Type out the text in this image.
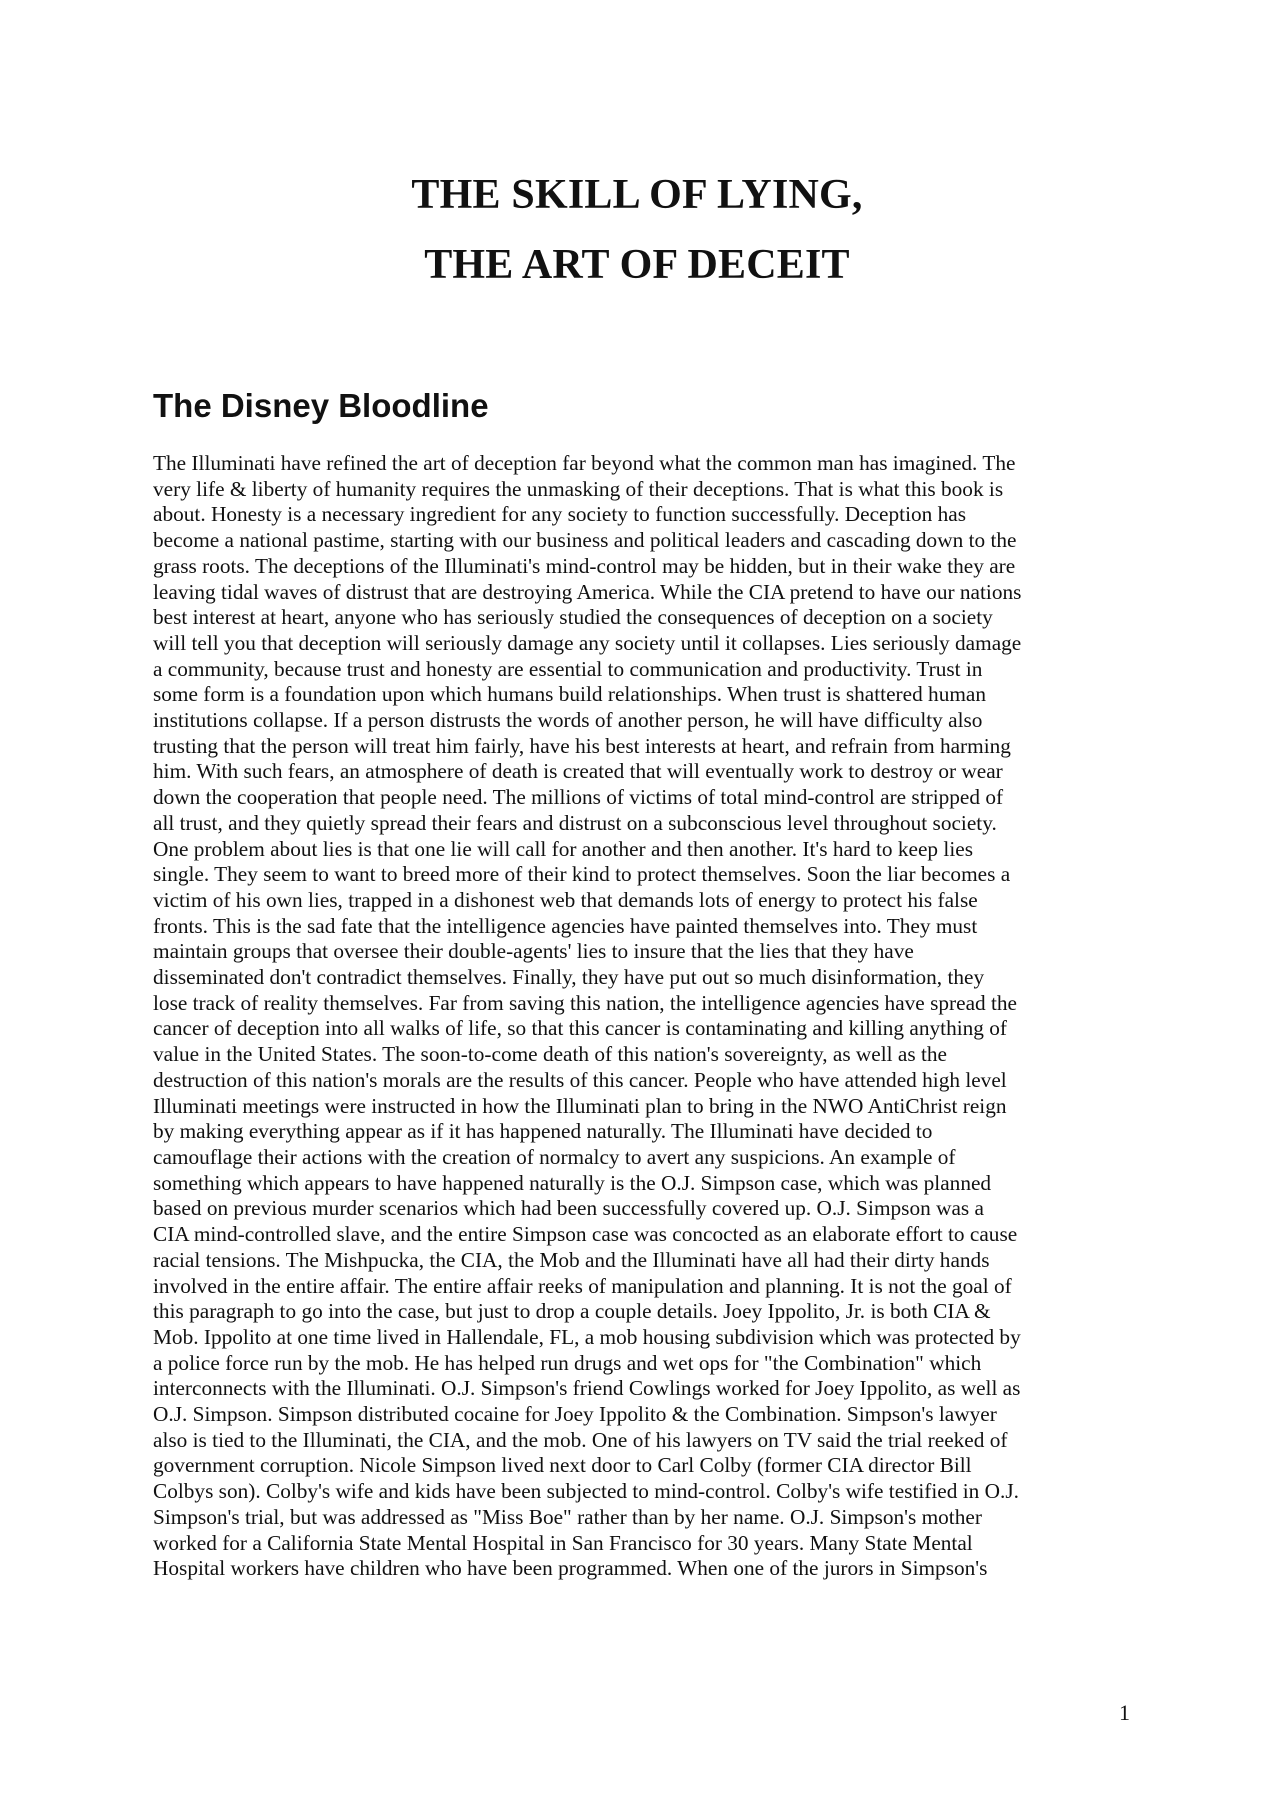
THE SKILL OF LYING,

THE ART OF DECEIT

The Disney Bloodline
The Illuminati have refined the art of deception far beyond what the common man has imagined. The
very life & liberty of humanity requires the unmasking of their deceptions. That is what this book is
about. Honesty is a necessary ingredient for any society to function successfully. Deception has
become a national pastime, starting with our business and political leaders and cascading down to the
grass roots. The deceptions of the Illuminati's mind-control may be hidden, but in their wake they are
leaving tidal waves of distrust that are destroying America. While the CIA pretend to have our nations
best interest at heart, anyone who has seriously studied the consequences of deception on a society
will tell you that deception will seriously damage any society until it collapses. Lies seriously damage
a community, because trust and honesty are essential to communication and productivity. Trust in
some form is a foundation upon which humans build relationships. When trust is shattered human
institutions collapse. If a person distrusts the words of another person, he will have difficulty also
trusting that the person will treat him fairly, have his best interests at heart, and refrain from harming
him. With such fears, an atmosphere of death is created that will eventually work to destroy or wear
down the cooperation that people need. The millions of victims of total mind-control are stripped of
all trust, and they quietly spread their fears and distrust on a subconscious level throughout society.
One problem about lies is that one lie will call for another and then another. It's hard to keep lies
single. They seem to want to breed more of their kind to protect themselves. Soon the liar becomes a
victim of his own lies, trapped in a dishonest web that demands lots of energy to protect his false
fronts. This is the sad fate that the intelligence agencies have painted themselves into. They must
maintain groups that oversee their double-agents' lies to insure that the lies that they have
disseminated don't contradict themselves. Finally, they have put out so much disinformation, they
lose track of reality themselves. Far from saving this nation, the intelligence agencies have spread the
cancer of deception into all walks of life, so that this cancer is contaminating and killing anything of
value in the United States. The soon-to-come death of this nation's sovereignty, as well as the
destruction of this nation's morals are the results of this cancer. People who have attended high level
Illuminati meetings were instructed in how the Illuminati plan to bring in the NWO AntiChrist reign
by making everything appear as if it has happened naturally. The Illuminati have decided to
camouflage their actions with the creation of normalcy to avert any suspicions. An example of
something which appears to have happened naturally is the O.J. Simpson case, which was planned
based on previous murder scenarios which had been successfully covered up. O.J. Simpson was a
CIA mind-controlled slave, and the entire Simpson case was concocted as an elaborate effort to cause
racial tensions. The Mishpucka, the CIA, the Mob and the Illuminati have all had their dirty hands
involved in the entire affair. The entire affair reeks of manipulation and planning. It is not the goal of
this paragraph to go into the case, but just to drop a couple details. Joey Ippolito, Jr. is both CIA &
Mob. Ippolito at one time lived in Hallendale, FL, a mob housing subdivision which was protected by
a police force run by the mob. He has helped run drugs and wet ops for "the Combination" which
interconnects with the Illuminati. O.J. Simpson's friend Cowlings worked for Joey Ippolito, as well as
O.J. Simpson. Simpson distributed cocaine for Joey Ippolito & the Combination. Simpson's lawyer
also is tied to the Illuminati, the CIA, and the mob. One of his lawyers on TV said the trial reeked of
government corruption. Nicole Simpson lived next door to Carl Colby (former CIA director Bill
Colbys son). Colby's wife and kids have been subjected to mind-control. Colby's wife testified in O.J.
Simpson's trial, but was addressed as "Miss Boe" rather than by her name. O.J. Simpson's mother
worked for a California State Mental Hospital in San Francisco for 30 years. Many State Mental
Hospital workers have children who have been programmed. When one of the jurors in Simpson's
1
